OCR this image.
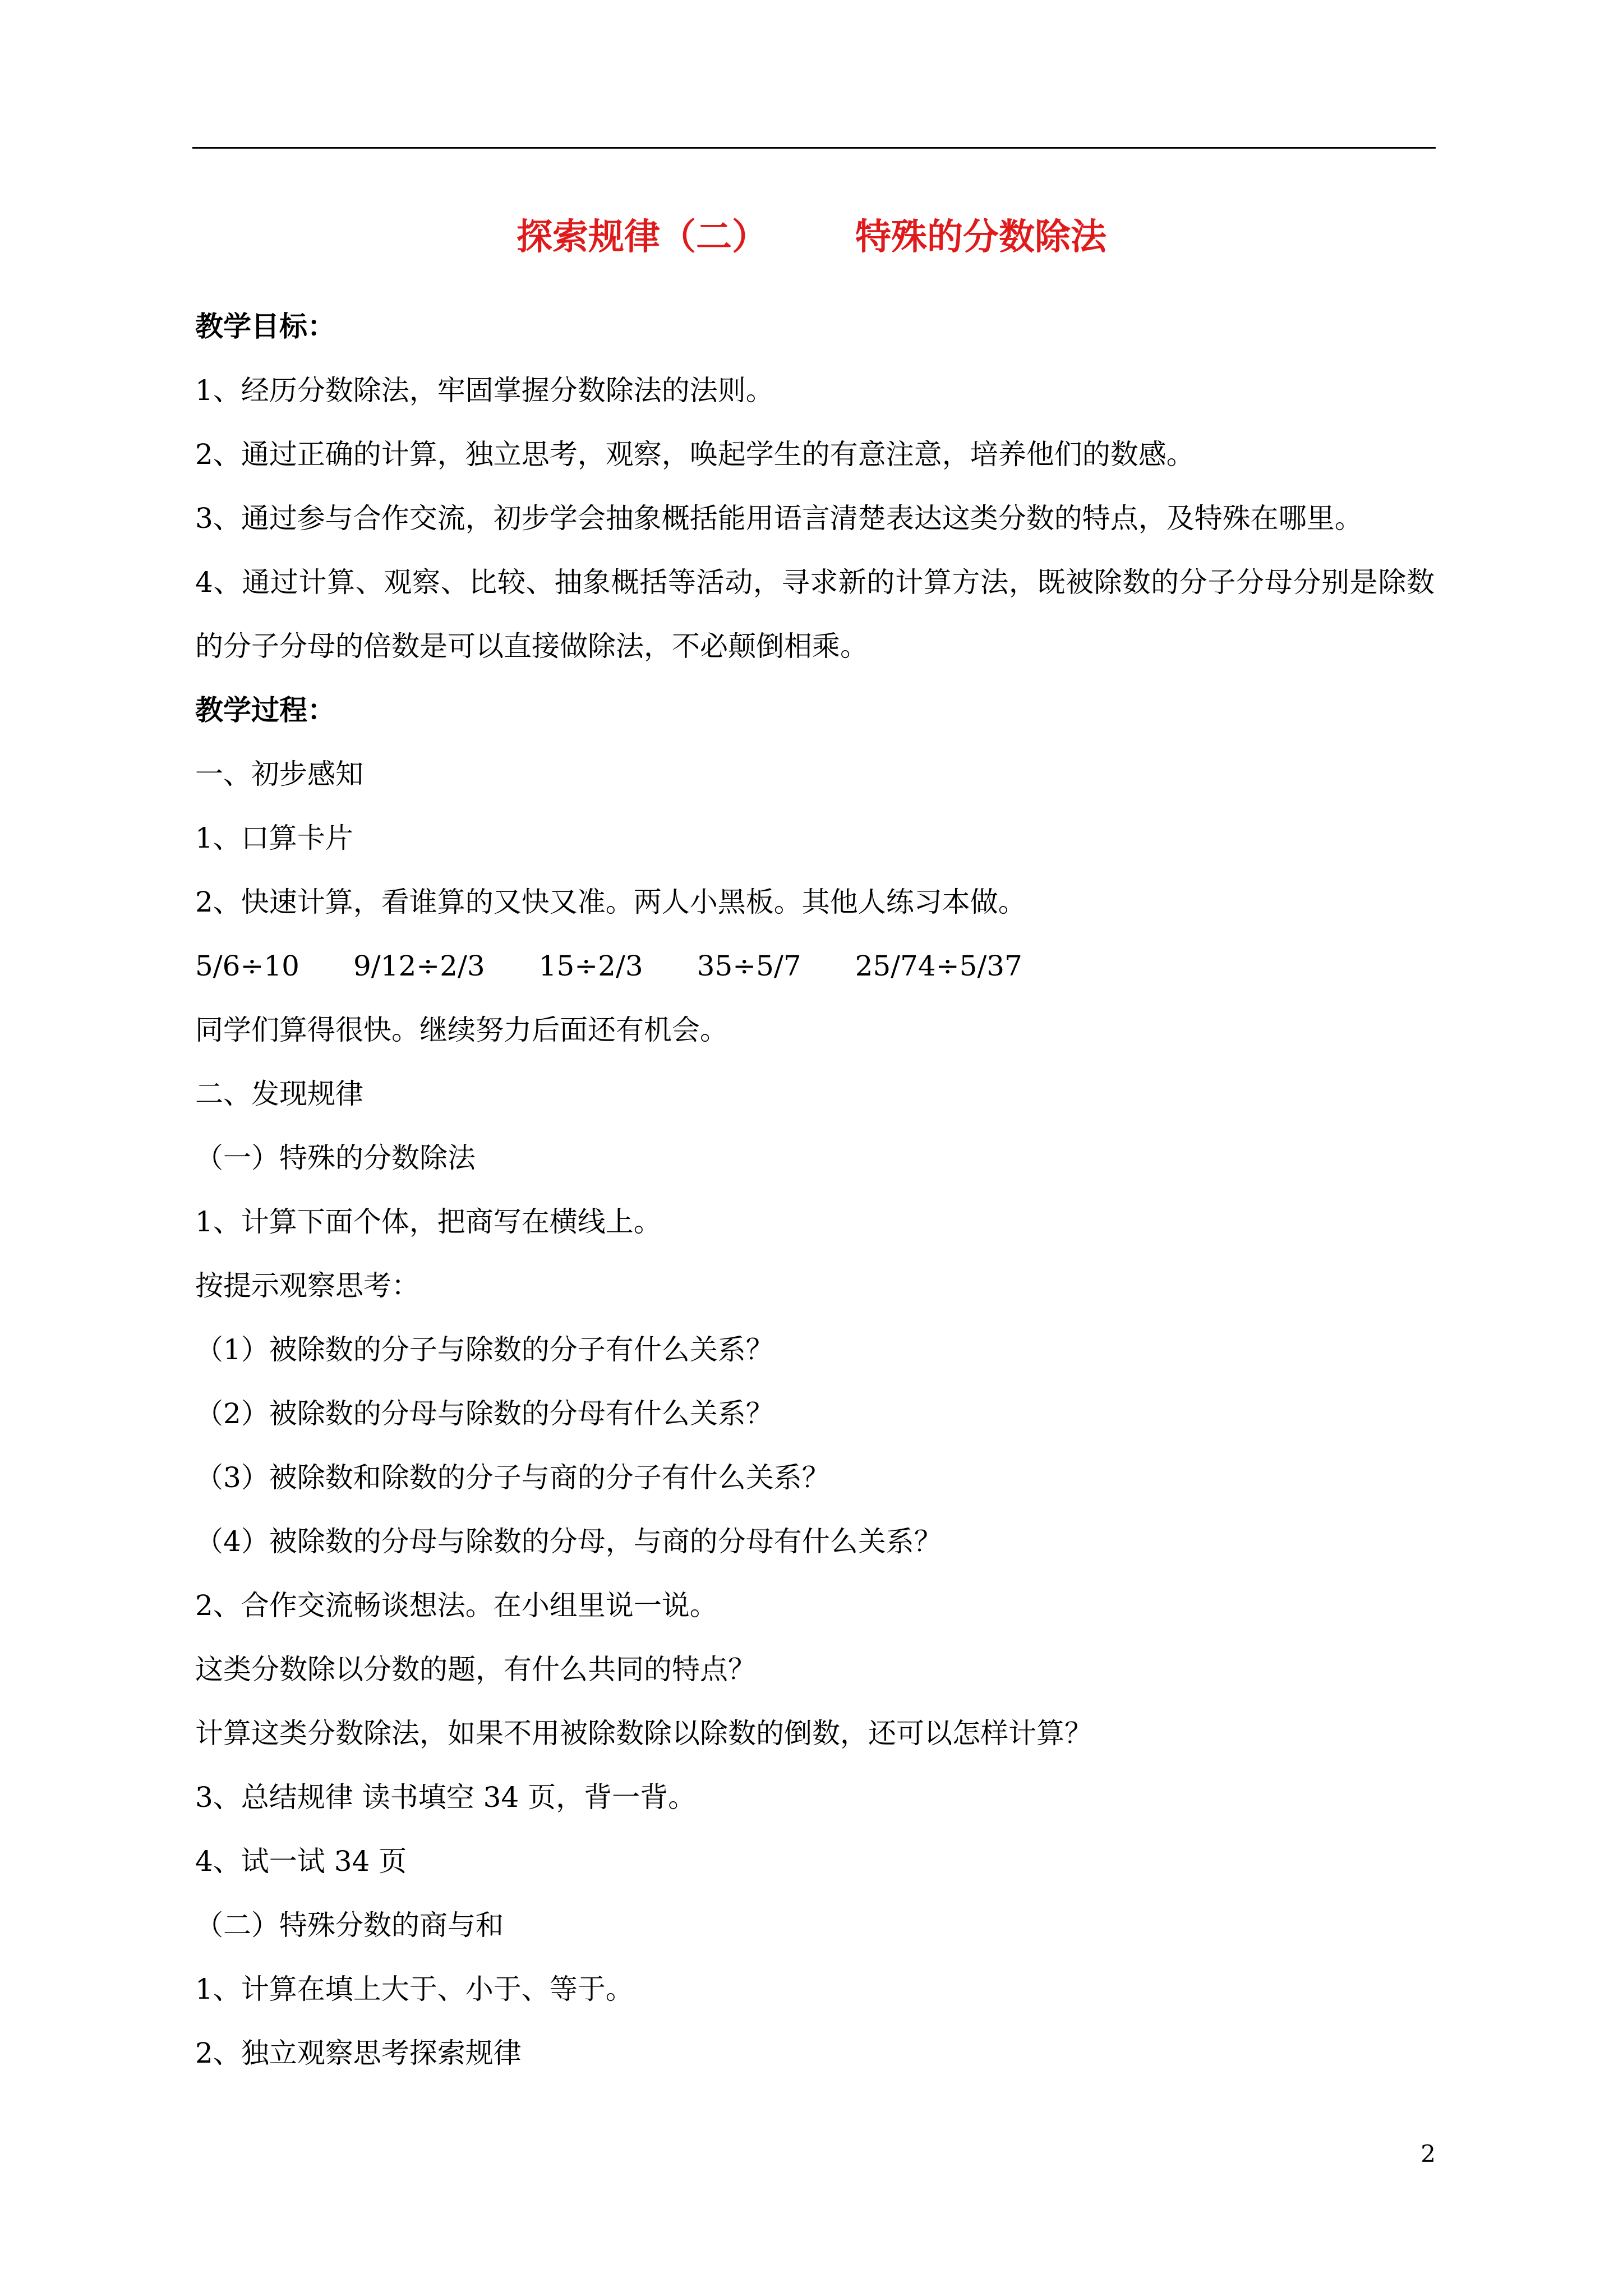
探索规律（二）       特殊的分数除法
教学目标：
1、经历分数除法，牢固掌握分数除法的法则。
2、通过正确的计算，独立思考，观察，唤起学生的有意注意，培养他们的数感。
3、通过参与合作交流，初步学会抽象概括能用语言清楚表达这类分数的特点，及特殊在哪里。
4、通过计算、观察、比较、抽象概括等活动，寻求新的计算方法，既被除数的分子分母分别是除数的分子分母的倍数是可以直接做除法，不必颠倒相乘。
教学过程：
一、初步感知
1、口算卡片
2、快速计算，看谁算的又快又准。两人小黑板。其他人练习本做。
5/6÷10 9/12÷2/3 15÷2/3 35÷5/7 25/74÷5/37
同学们算得很快。继续努力后面还有机会。
二、发现规律
（一）特殊的分数除法
1、计算下面个体，把商写在横线上。
按提示观察思考：
（1）被除数的分子与除数的分子有什么关系？
（2）被除数的分母与除数的分母有什么关系？
（3）被除数和除数的分子与商的分子有什么关系？
（4）被除数的分母与除数的分母，与商的分母有什么关系？
2、合作交流畅谈想法。在小组里说一说。
这类分数除以分数的题，有什么共同的特点？
计算这类分数除法，如果不用被除数除以除数的倒数，还可以怎样计算？
3、总结规律 读书填空 34 页，背一背。
4、试一试 34 页
（二）特殊分数的商与和
1、计算在填上大于、小于、等于。
2、独立观察思考探索规律
2
